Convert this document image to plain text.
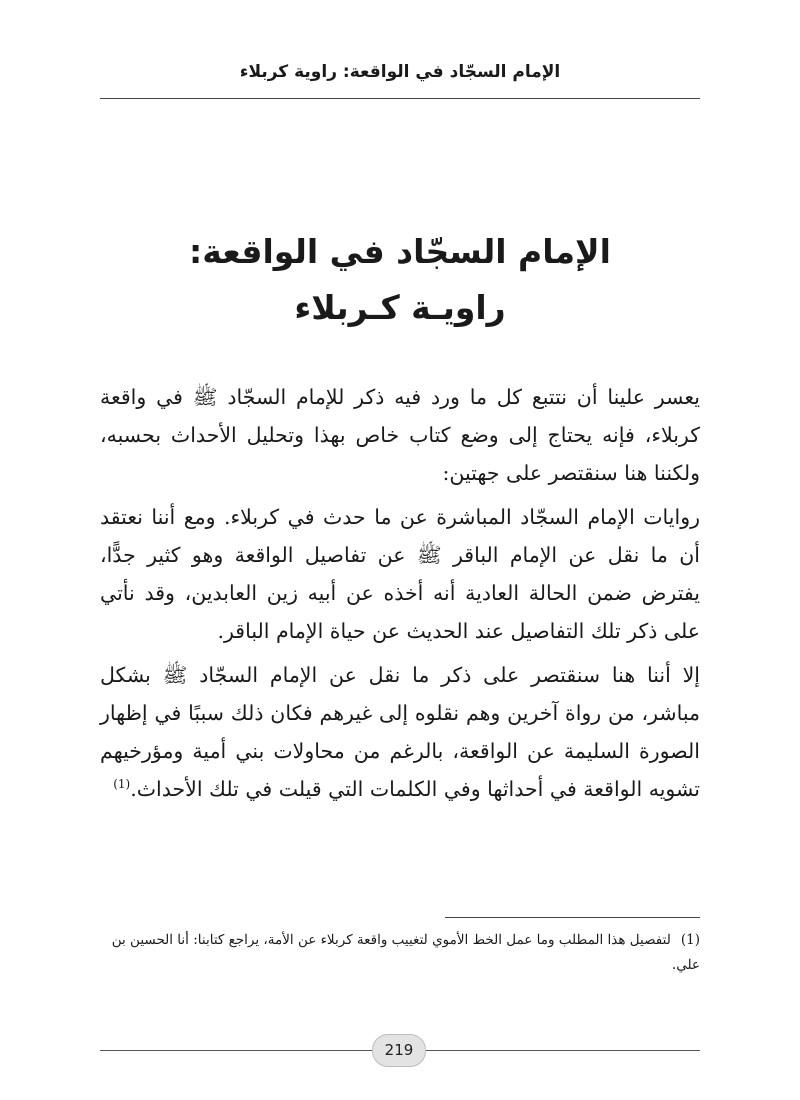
الإمام السجّاد في الواقعة: راوية كربلاء
الإمام السجّاد في الواقعة:
راويـة كـربلاء

يعسر علينا أن نتتبع كل ما ورد فيه ذكر للإمام السجّاد ﷺ في واقعة كربلاء، فإنه يحتاج إلى وضع كتاب خاص بهذا وتحليل الأحداث بحسبه، ولكننا هنا سنقتصر على جهتين:

روايات الإمام السجّاد المباشرة عن ما حدث في كربلاء. ومع أننا نعتقد أن ما نقل عن الإمام الباقر ﷺ عن تفاصيل الواقعة وهو كثير جدًّا، يفترض ضمن الحالة العادية أنه أخذه عن أبيه زين العابدين، وقد نأتي على ذكر تلك التفاصيل عند الحديث عن حياة الإمام الباقر.

إلا أننا هنا سنقتصر على ذكر ما نقل عن الإمام السجّاد ﷺ بشكل مباشر، من رواة آخرين وهم نقلوه إلى غيرهم فكان ذلك سببًا في إظهار الصورة السليمة عن الواقعة، بالرغم من محاولات بني أمية ومؤرخيهم تشويه الواقعة في أحداثها وفي الكلمات التي قيلت في تلك الأحداث.$^{(1)}$

(1)لتفصيل هذا المطلب وما عمل الخط الأموي لتغييب واقعة كربلاء عن الأمة، يراجع كتابنا: أنا الحسين بن علي.
219
